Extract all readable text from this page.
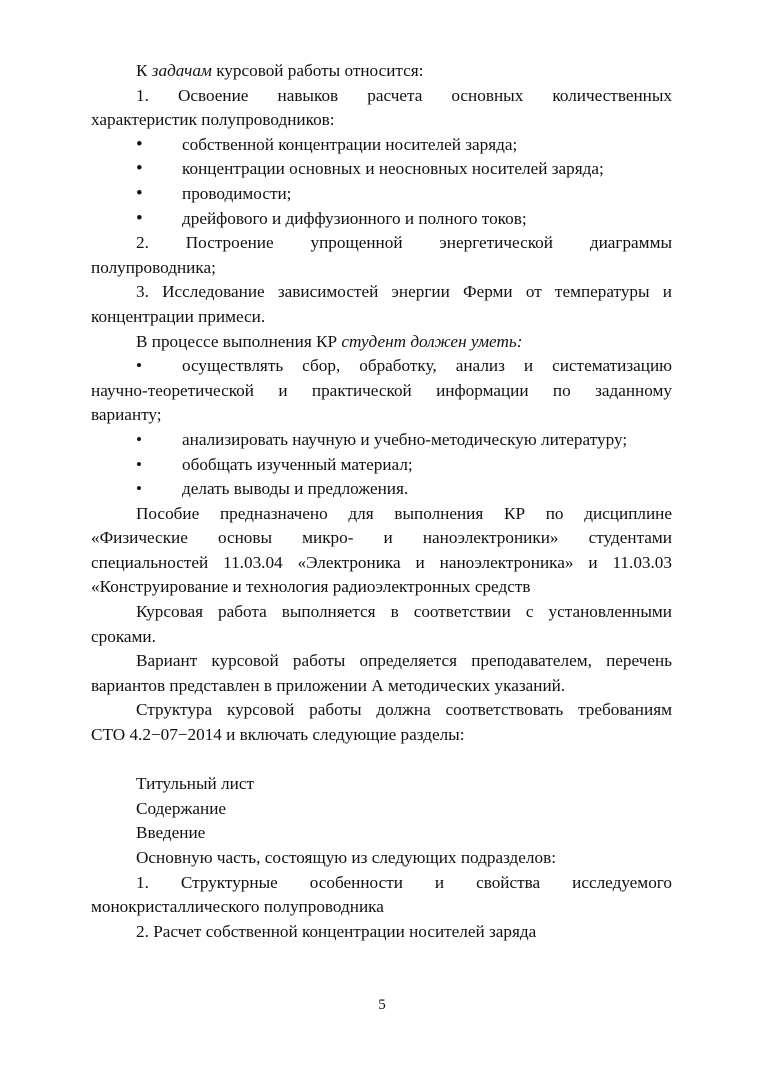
К задачам курсовой работы относится:
1. Освоение навыков расчета основных количественных
характеристик полупроводников:
• собственной концентрации носителей заряда;
• концентрации основных и неосновных носителей заряда;
• проводимости;
• дрейфового и диффузионного и полного токов;
2. Построение упрощенной энергетической диаграммы
полупроводника;
3. Исследование зависимостей энергии Ферми от температуры и
концентрации примеси.
В процессе выполнения КР студент должен уметь:
• осуществлять сбор, обработку, анализ и систематизацию
научно-теоретической и практической информации по заданному
варианту;
• анализировать научную и учебно-методическую литературу;
• обобщать изученный материал;
• делать выводы и предложения.
Пособие предназначено для выполнения КР по дисциплине
«Физические основы микро- и наноэлектроники» студентами
специальностей 11.03.04 «Электроника и наноэлектроника» и 11.03.03
«Конструирование и технология радиоэлектронных средств
Курсовая работа выполняется в соответствии с установленными
сроками.
Вариант курсовой работы определяется преподавателем, перечень
вариантов представлен в приложении А методических указаний.
Структура курсовой работы должна соответствовать требованиям
СТО 4.2−07−2014 и включать следующие разделы:
Титульный лист
Содержание
Введение
Основную часть, состоящую из следующих подразделов:
1. Структурные особенности и свойства исследуемого
монокристаллического полупроводника
2. Расчет собственной концентрации носителей заряда
5
